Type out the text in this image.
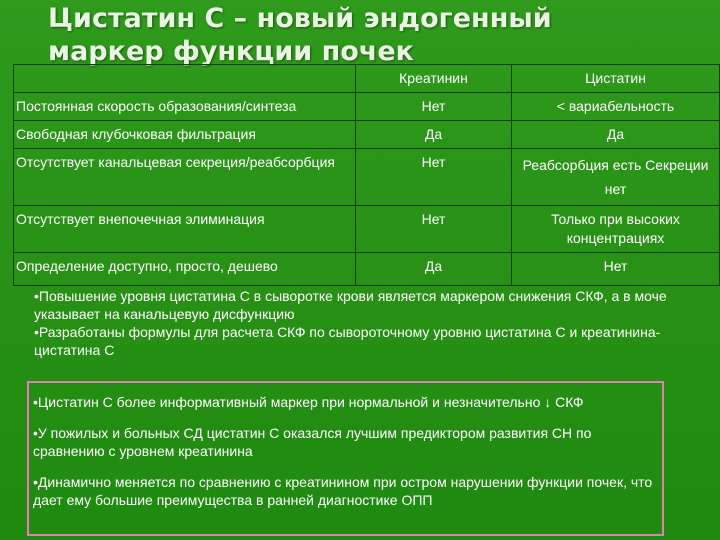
Цистатин С – новый эндогенный
маркер функции почек
	Креатинин	Цистатин
Постоянная скорость образования/синтеза	Нет	< вариабельность
Свободная клубочковая фильтрация	Да	Да
Отсутствует канальцевая секреция/реабсорбция	Нет	Реабсорбция есть Секреции нет
Отсутствует внепочечная элиминация	Нет	Только при высоких концентрациях
Определение доступно, просто, дешево	Да	Нет

•Повышение уровня цистатина С в сыворотке крови является маркером снижения СКФ, а в моче указывает на канальцевую дисфункцию

•Разработаны формулы для расчета СКФ по сывороточному уровню цистатина С и креатинина-цистатина С

•Цистатин С более информативный маркер при нормальной и незначительно ↓ СКФ

•У пожилых и больных СД цистатин С оказался лучшим предиктором развития СН по сравнению с уровнем креатинина

•Динамично меняется по сравнению с креатинином при остром нарушении функции почек, что дает ему большие преимущества в ранней диагностике ОПП
